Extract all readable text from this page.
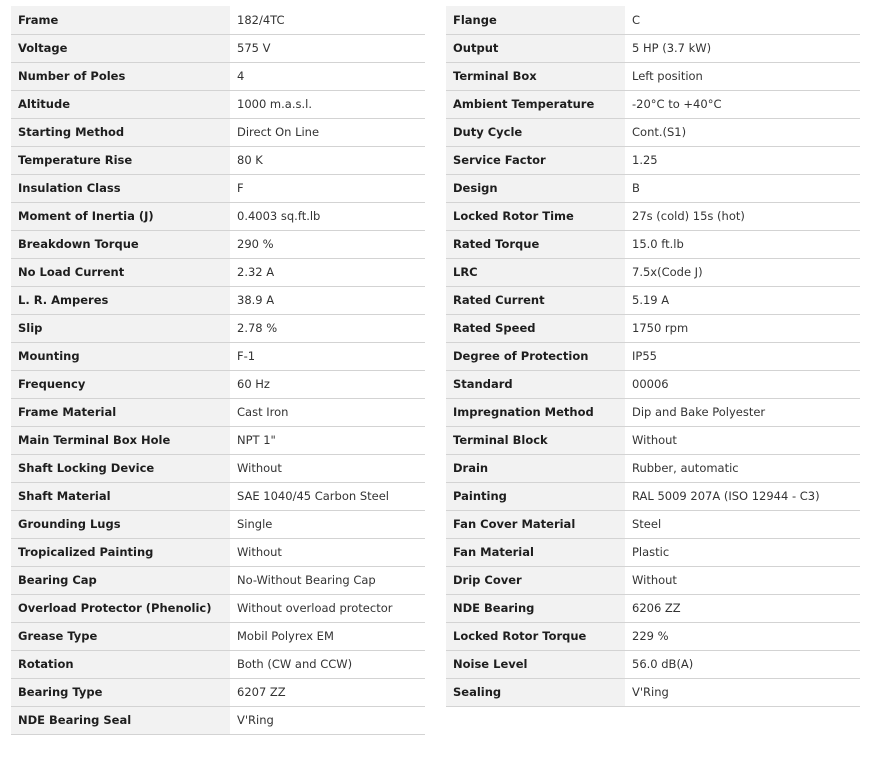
Frame	182/4TC
Voltage	575 V
Number of Poles	4
Altitude	1000 m.a.s.l.
Starting Method	Direct On Line
Temperature Rise	80 K
Insulation Class	F
Moment of Inertia (J)	0.4003 sq.ft.lb
Breakdown Torque	290 %
No Load Current	2.32 A
L. R. Amperes	38.9 A
Slip	2.78 %
Mounting	F-1
Frequency	60 Hz
Frame Material	Cast Iron
Main Terminal Box Hole	NPT 1"
Shaft Locking Device	Without
Shaft Material	SAE 1040/45 Carbon Steel
Grounding Lugs	Single
Tropicalized Painting	Without
Bearing Cap	No-Without Bearing Cap
Overload Protector (Phenolic)	Without overload protector
Grease Type	Mobil Polyrex EM
Rotation	Both (CW and CCW)
Bearing Type	6207 ZZ
NDE Bearing Seal	V'Ring
Flange	C
Output	5 HP (3.7 kW)
Terminal Box	Left position
Ambient Temperature	-20°C to +40°C
Duty Cycle	Cont.(S1)
Service Factor	1.25
Design	B
Locked Rotor Time	27s (cold) 15s (hot)
Rated Torque	15.0 ft.lb
LRC	7.5x(Code J)
Rated Current	5.19 A
Rated Speed	1750 rpm
Degree of Protection	IP55
Standard	00006
Impregnation Method	Dip and Bake Polyester
Terminal Block	Without
Drain	Rubber, automatic
Painting	RAL 5009 207A (ISO 12944 - C3)
Fan Cover Material	Steel
Fan Material	Plastic
Drip Cover	Without
NDE Bearing	6206 ZZ
Locked Rotor Torque	229 %
Noise Level	56.0 dB(A)
Sealing	V'Ring
